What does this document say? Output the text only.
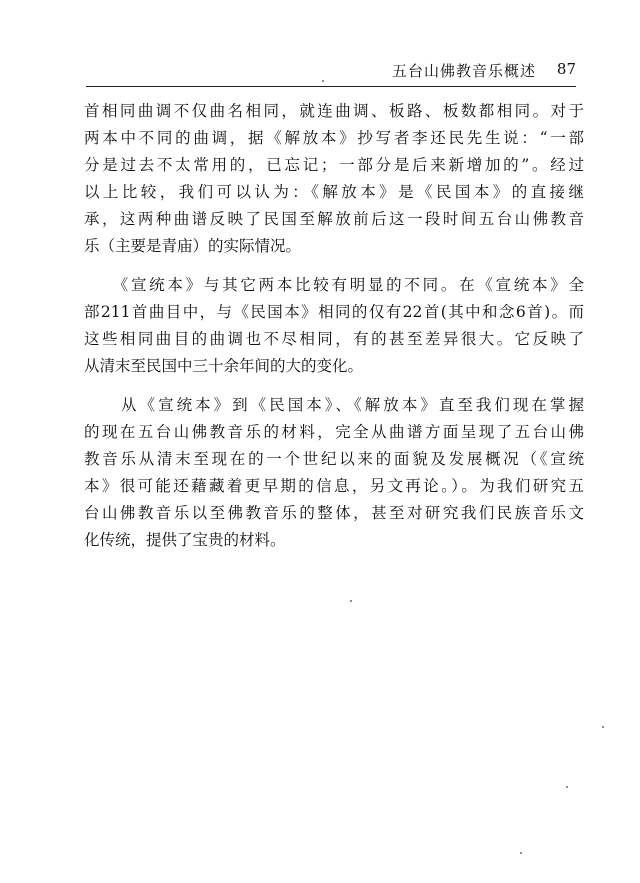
五台山佛教音乐概述 87
首相同曲调不仅曲名相同，就连曲调、板路、板数都相同。对于
两本中不同的曲调，据《解放本》抄写者李还民先生说：“一部
分是过去不太常用的，已忘记；一部分是后来新增加的”。经过
以上比较，我们可以认为：《解放本》是《民国本》的直接继
承，这两种曲谱反映了民国至解放前后这一段时间五台山佛教音
乐（主要是青庙）的实际情况。
　　《宣统本》与其它两本比较有明显的不同。在《宣统本》全
部211首曲目中，与《民国本》相同的仅有22首(其中和念6首)。而
这些相同曲目的曲调也不尽相同，有的甚至差异很大。它反映了
从清末至民国中三十余年间的大的变化。
　　从《宣统本》到《民国本》、《解放本》直至我们现在掌握
的现在五台山佛教音乐的材料，完全从曲谱方面呈现了五台山佛
教音乐从清末至现在的一个世纪以来的面貌及发展概况（《宣统
本》很可能还藉藏着更早期的信息，另文再论。）。为我们研究五
台山佛教音乐以至佛教音乐的整体，甚至对研究我们民族音乐文
化传统，提供了宝贵的材料。
